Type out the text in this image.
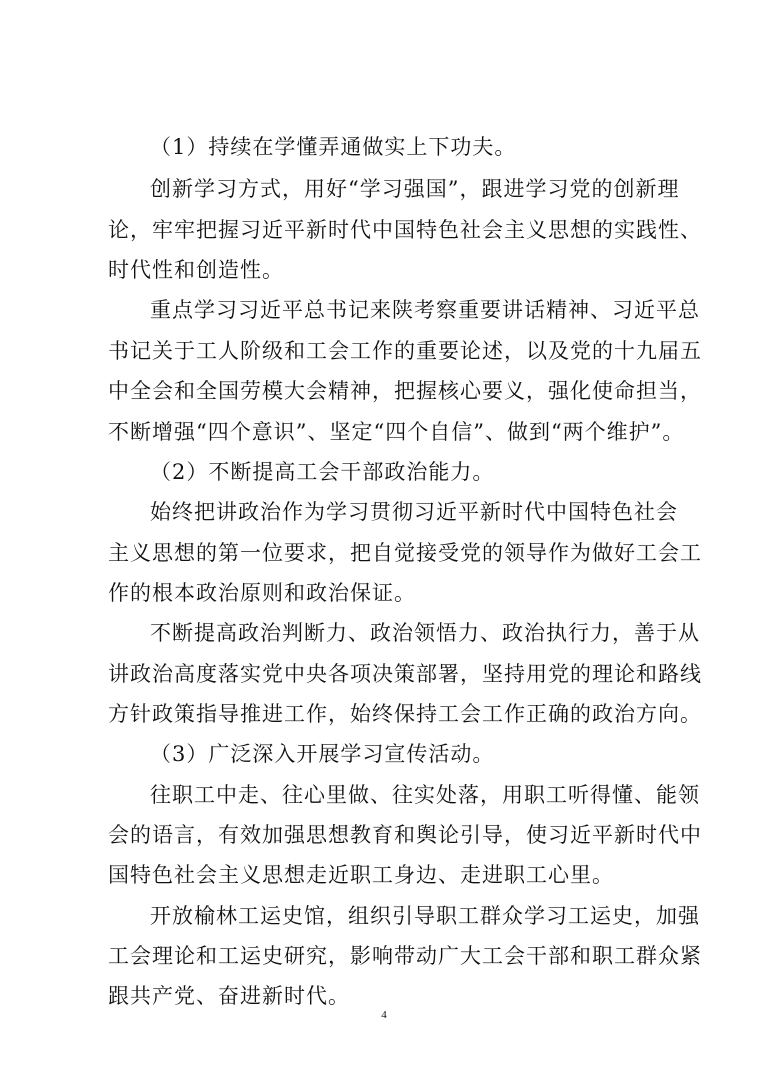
（1）持续在学懂弄通做实上下功夫。
创新学习方式，用好“学习强国”，跟进学习党的创新理
论，牢牢把握习近平新时代中国特色社会主义思想的实践性、
时代性和创造性。
重点学习习近平总书记来陕考察重要讲话精神、习近平总
书记关于工人阶级和工会工作的重要论述，以及党的十九届五
中全会和全国劳模大会精神，把握核心要义，强化使命担当，
不断增强“四个意识”、坚定“四个自信”、做到“两个维护”。
（2）不断提高工会干部政治能力。
始终把讲政治作为学习贯彻习近平新时代中国特色社会
主义思想的第一位要求，把自觉接受党的领导作为做好工会工
作的根本政治原则和政治保证。
不断提高政治判断力、政治领悟力、政治执行力，善于从
讲政治高度落实党中央各项决策部署，坚持用党的理论和路线
方针政策指导推进工作，始终保持工会工作正确的政治方向。
（3）广泛深入开展学习宣传活动。
往职工中走、往心里做、往实处落，用职工听得懂、能领
会的语言，有效加强思想教育和舆论引导，使习近平新时代中
国特色社会主义思想走近职工身边、走进职工心里。
开放榆林工运史馆，组织引导职工群众学习工运史，加强
工会理论和工运史研究，影响带动广大工会干部和职工群众紧
跟共产党、奋进新时代。
4
